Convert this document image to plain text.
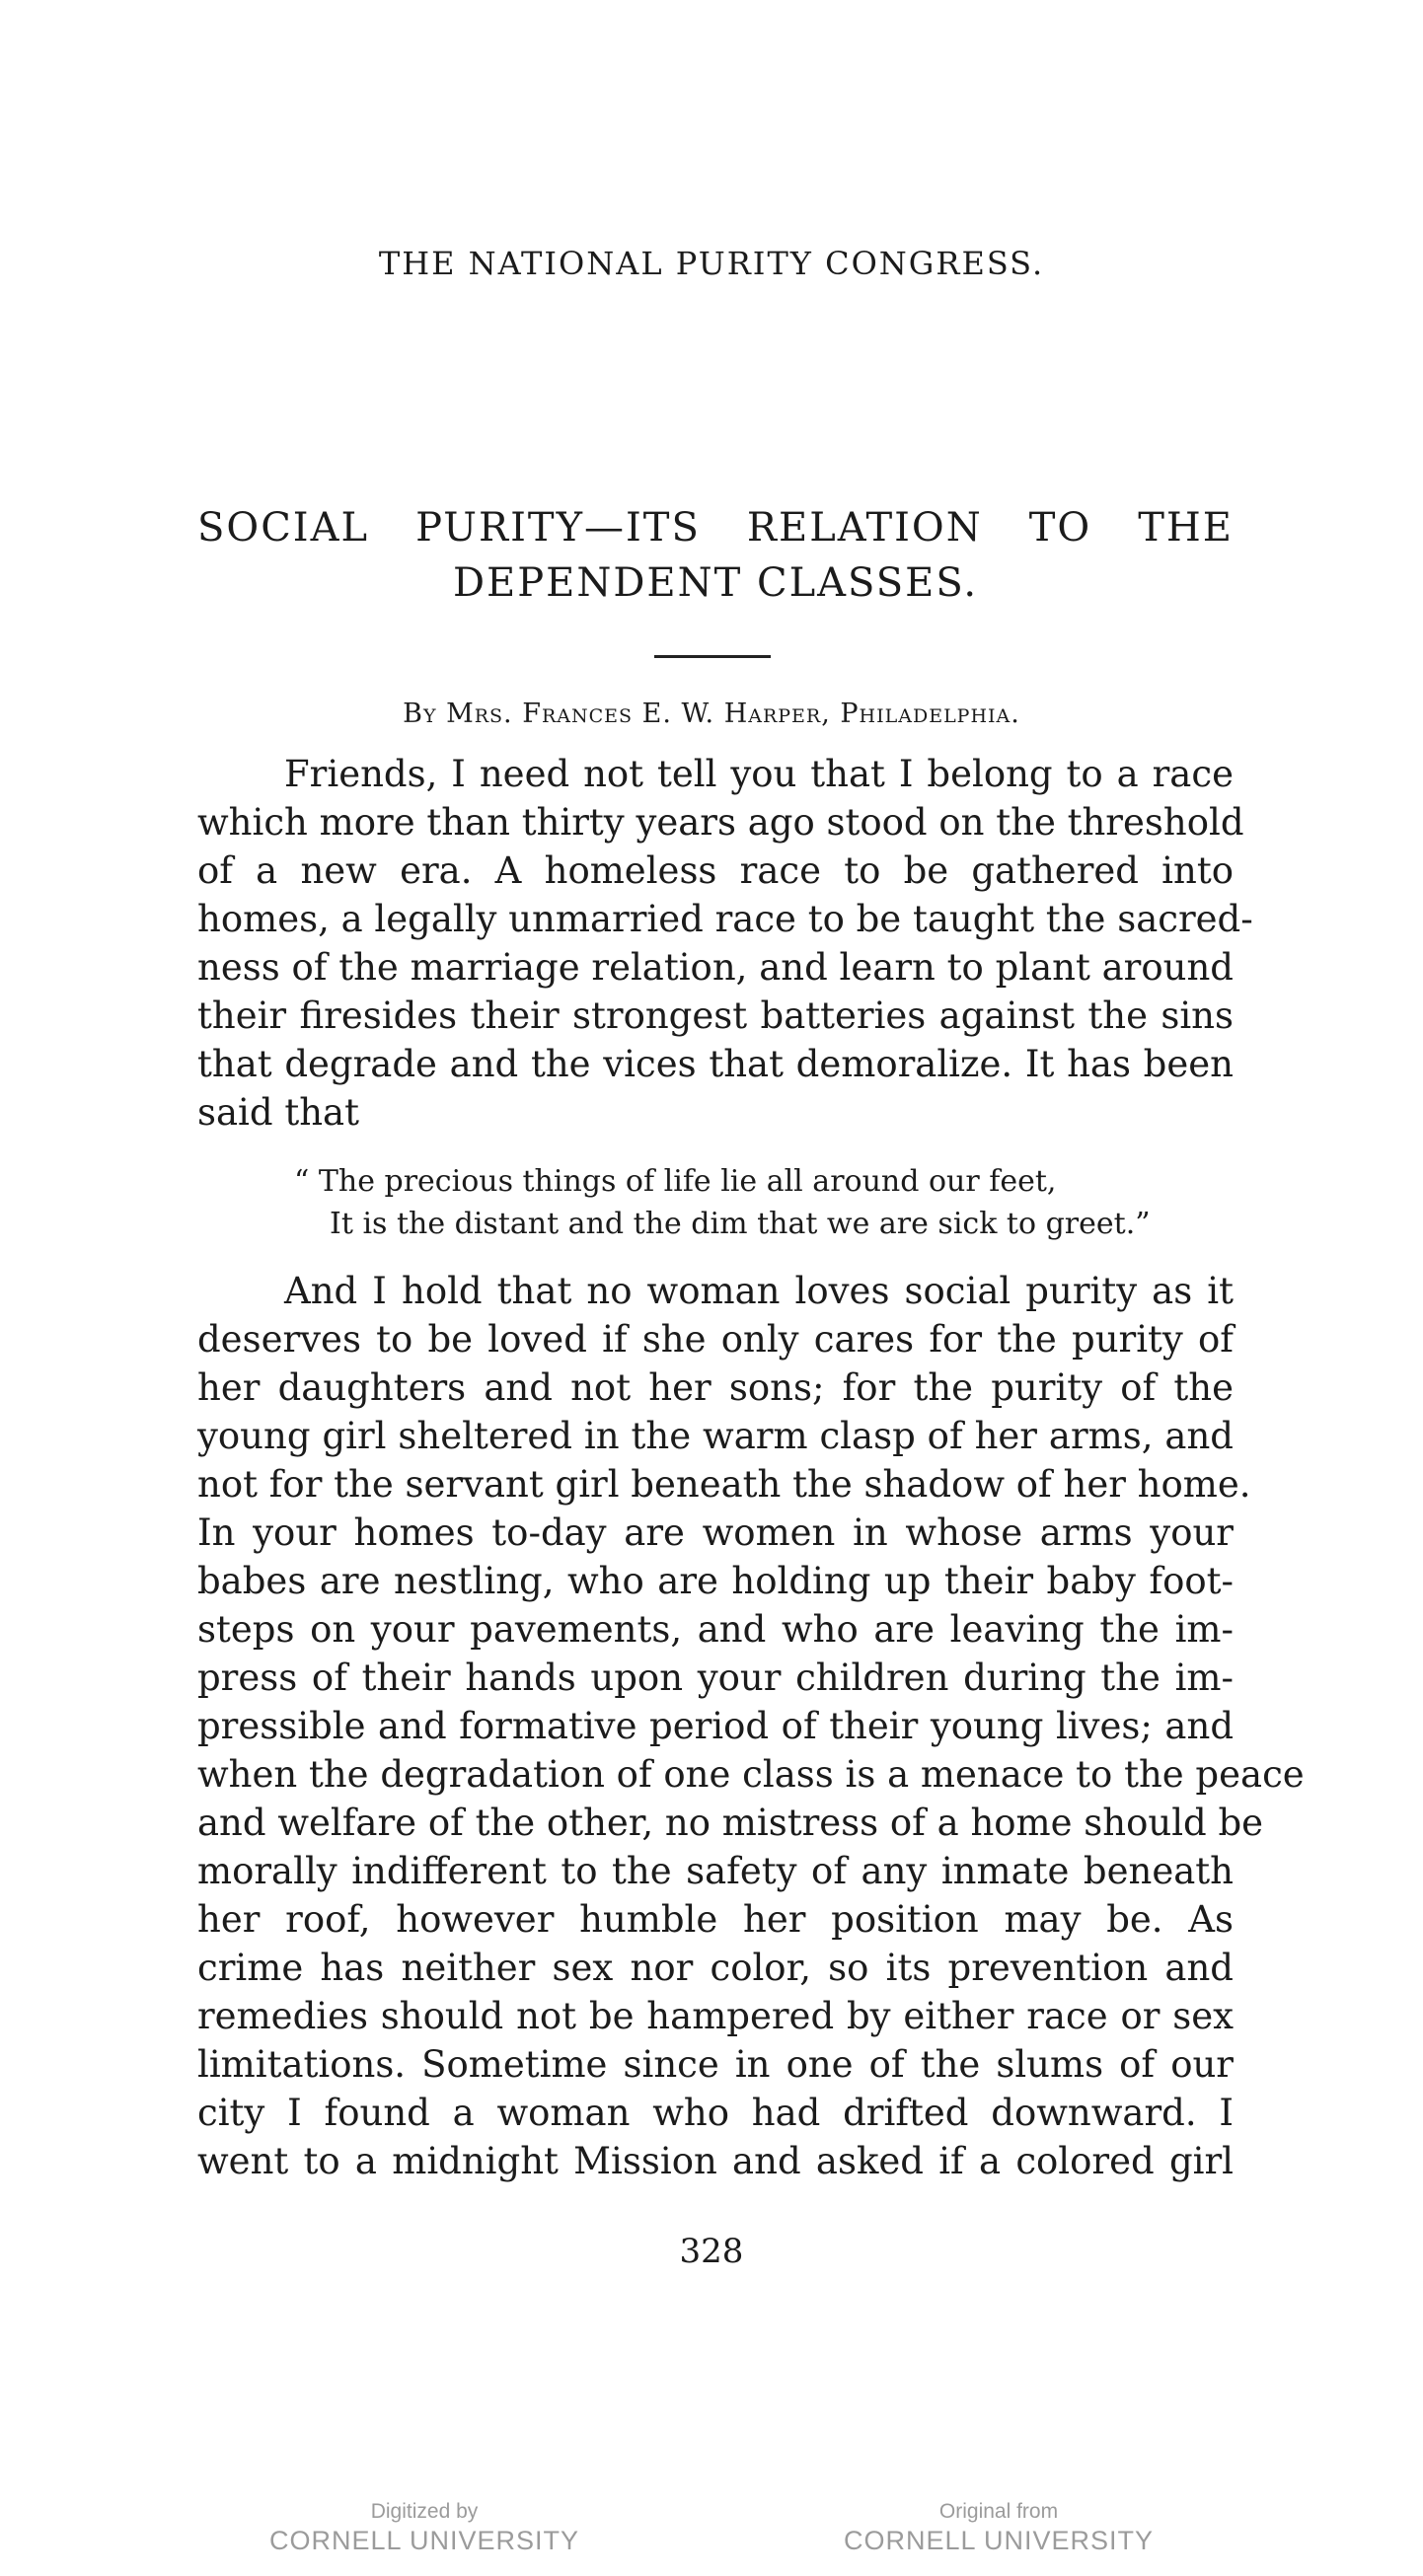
THE NATIONAL PURITY CONGRESS.
SOCIAL PURITY—ITS RELATION TO THE
DEPENDENT CLASSES.
By Mrs. Frances E. W. Harper, Philadelphia.
Friends, I need not tell you that I belong to a race
which more than thirty years ago stood on the threshold
of a new era. A homeless race to be gathered into
homes, a legally unmarried race to be taught the sacred-
ness of the marriage relation, and learn to plant around
their firesides their strongest batteries against the sins
that degrade and the vices that demoralize. It has been
said that
“ The precious things of life lie all around our feet,
It is the distant and the dim that we are sick to greet.”
And I hold that no woman loves social purity as it
deserves to be loved if she only cares for the purity of
her daughters and not her sons; for the purity of the
young girl sheltered in the warm clasp of her arms, and
not for the servant girl beneath the shadow of her home.
In your homes to-day are women in whose arms your
babes are nestling, who are holding up their baby foot-
steps on your pavements, and who are leaving the im-
press of their hands upon your children during the im-
pressible and formative period of their young lives; and
when the degradation of one class is a menace to the peace
and welfare of the other, no mistress of a home should be
morally indifferent to the safety of any inmate beneath
her roof, however humble her position may be. As
crime has neither sex nor color, so its prevention and
remedies should not be hampered by either race or sex
limitations. Sometime since in one of the slums of our
city I found a woman who had drifted downward. I
went to a midnight Mission and asked if a colored girl
328
Digitized by
CORNELL UNIVERSITY
Original from
CORNELL UNIVERSITY
